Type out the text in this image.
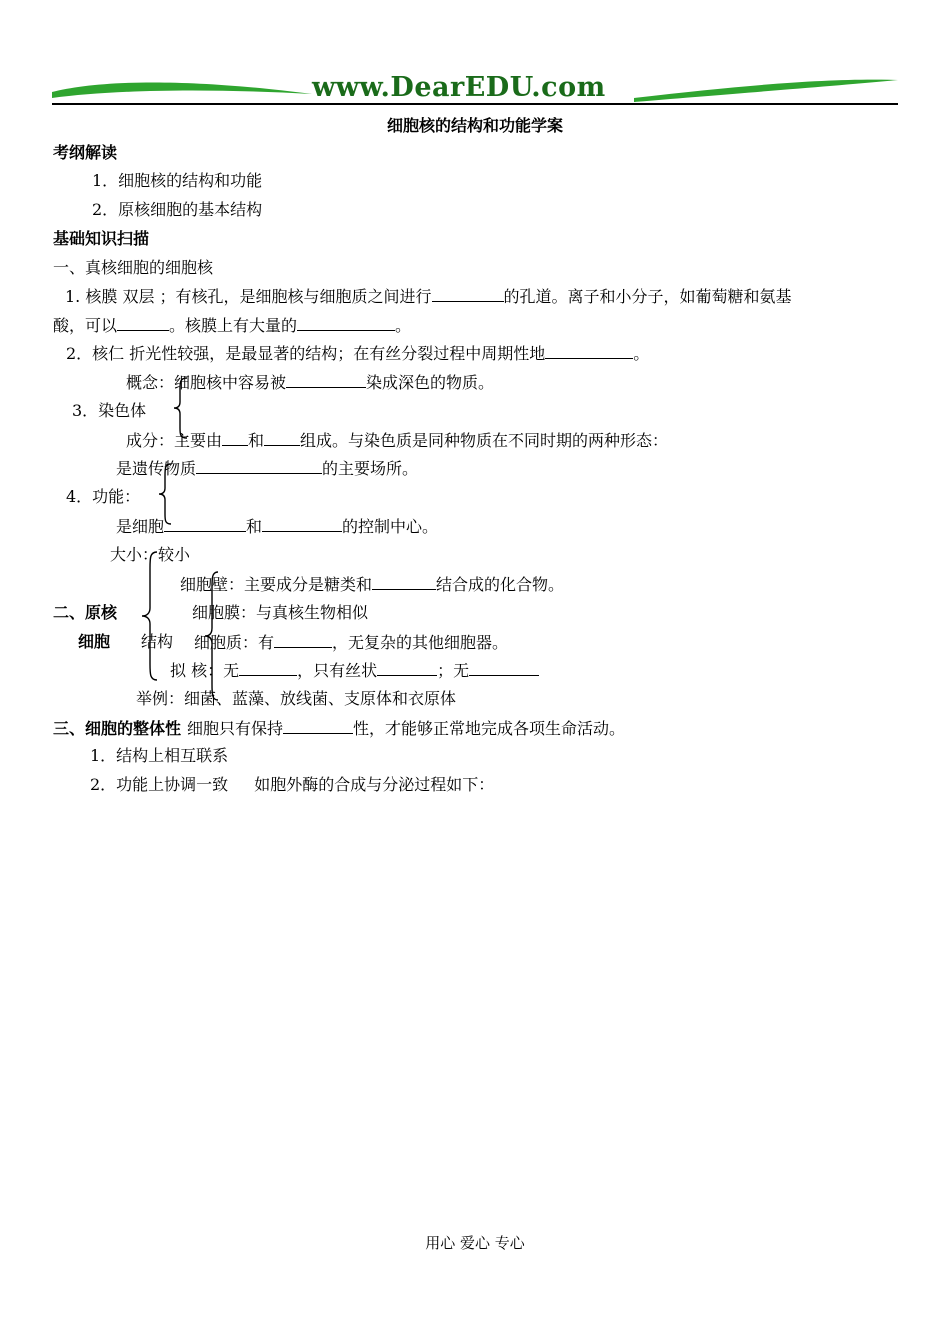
www.DearEDU.com
细胞核的结构和功能学案
考纲解读
1．细胞核的结构和功能
2．原核细胞的基本结构
基础知识扫描
一、真核细胞的细胞核
1. 核膜 双层 ；有核孔，是细胞核与细胞质之间进行	的孔道。离子和小分子，如葡萄糖和氨基
酸，可以	。核膜上有大量的	。
2．核仁 折光性较强，是最显著的结构；在有丝分裂过程中周期性地	。
概念：细胞核中容易被	染成深色的物质。
3．染色体
成分：主要由 和 组成。与染色质是同种物质在不同时期的两种形态：
是遗传物质	的主要场所。
4．功能：
是细胞	和	的控制中心。
大小：较小
细胞壁：主要成分是糖类和	结合成的化合物。
二、原核	细胞膜：与真核生物相似
细胞 结构 细胞质：有	，无复杂的其他细胞器。
拟 核：无	，只有丝状	；无
举例：细菌、蓝藻、放线菌、支原体和衣原体
三、细胞的整体性 细胞只有保持	性，才能够正常地完成各项生命活动。
1．结构上相互联系
2．功能上协调一致 如胞外酶的合成与分泌过程如下：
用心 爱心 专心
